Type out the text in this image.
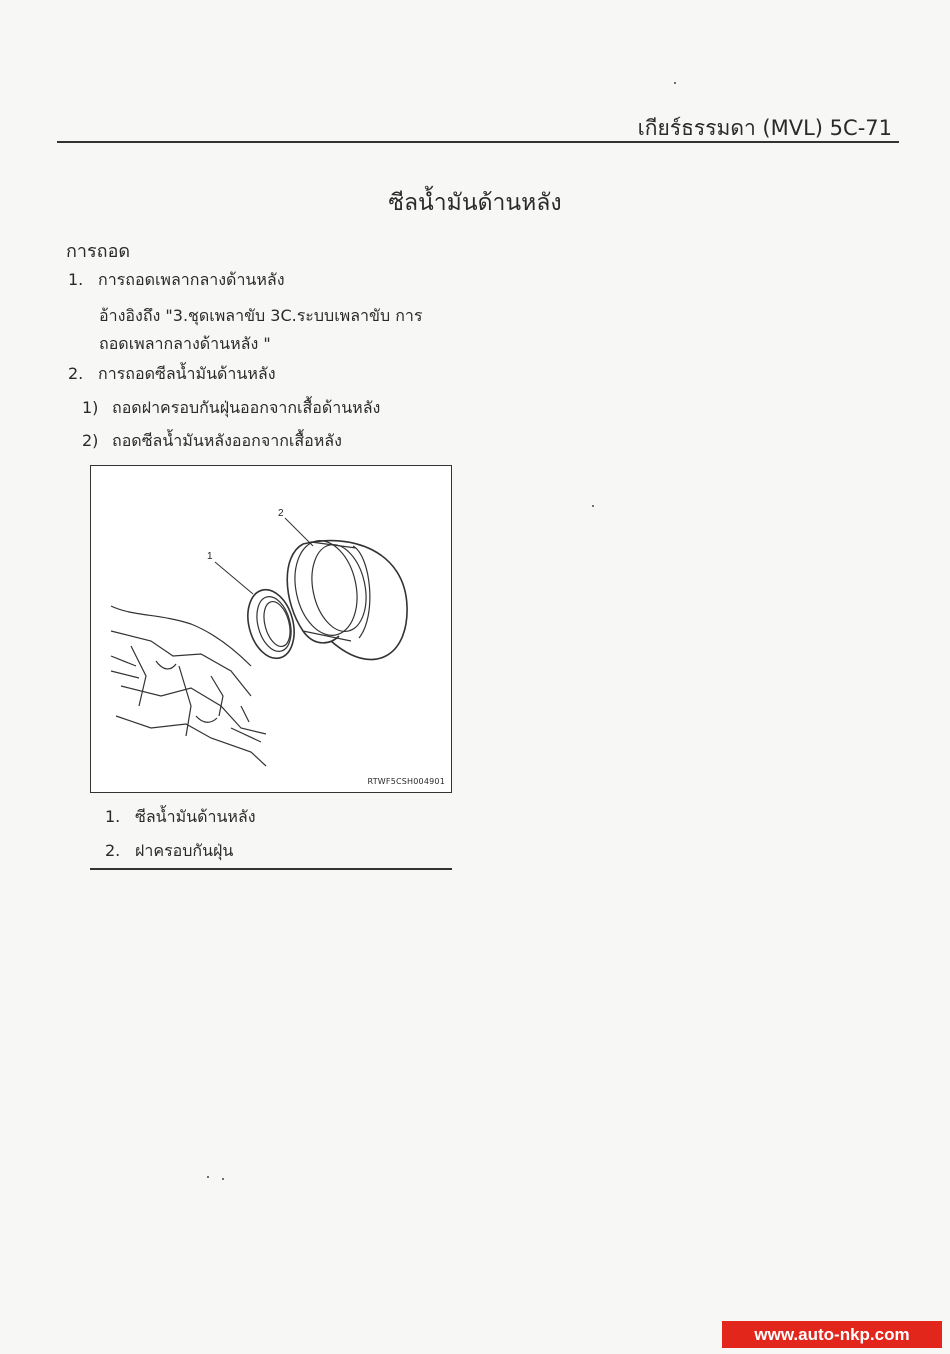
เกียร์ธรรมดา (MVL) 5C-71
ซีลน้ำมันด้านหลัง
การถอด
1. การถอดเพลากลางด้านหลัง
อ้างอิงถึง "3.ชุดเพลาขับ 3C.ระบบเพลาขับ การ
ถอดเพลากลางด้านหลัง "
2. การถอดซีลน้ำมันด้านหลัง
1) ถอดฝาครอบกันฝุ่นออกจากเสื้อด้านหลัง
2) ถอดซีลน้ำมันหลังออกจากเสื้อหลัง
1
2
RTWF5CSH004901
1. ซีลน้ำมันด้านหลัง
2. ฝาครอบกันฝุ่น
www.auto-nkp.com
